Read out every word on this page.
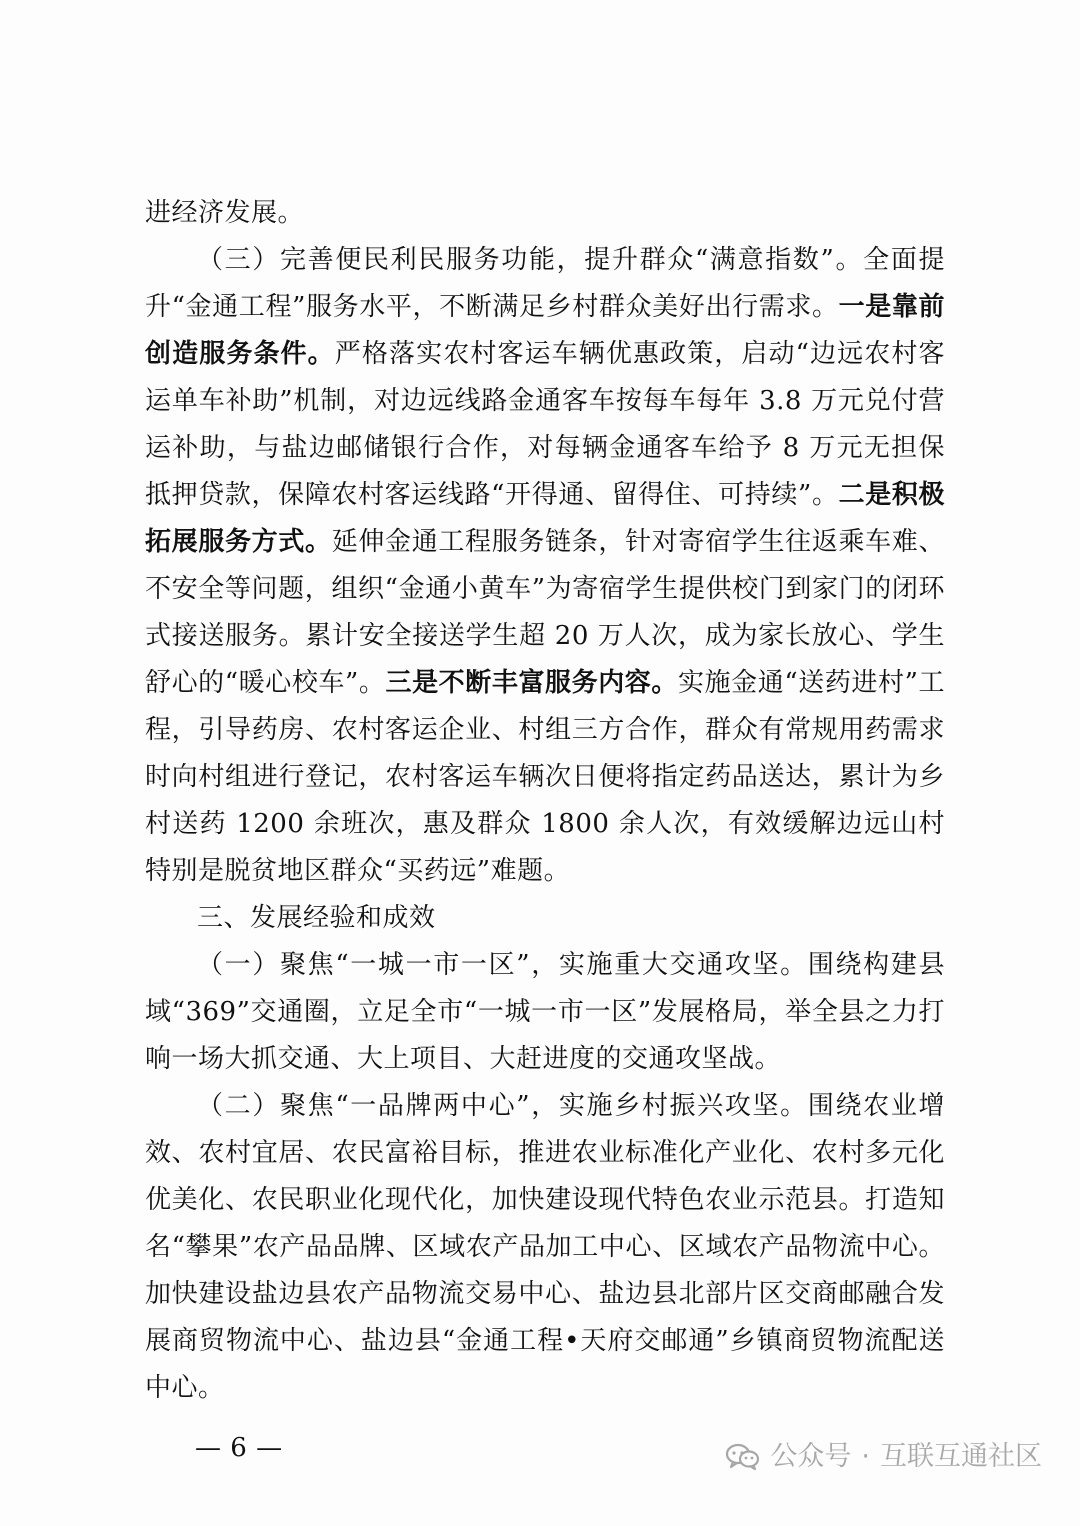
进经济发展。

（三）完善便民利民服务功能，提升群众“满意指数”。全面提升“金通工程”服务水平，不断满足乡村群众美好出行需求。一是靠前创造服务条件。严格落实农村客运车辆优惠政策，启动“边远农村客运单车补助”机制，对边远线路金通客车按每车每年 3.8 万元兑付营运补助，与盐边邮储银行合作，对每辆金通客车给予 8 万元无担保抵押贷款，保障农村客运线路“开得通、留得住、可持续”。二是积极拓展服务方式。延伸金通工程服务链条，针对寄宿学生往返乘车难、不安全等问题，组织“金通小黄车”为寄宿学生提供校门到家门的闭环式接送服务。累计安全接送学生超 20 万人次，成为家长放心、学生舒心的“暖心校车”。三是不断丰富服务内容。实施金通“送药进村”工程，引导药房、农村客运企业、村组三方合作，群众有常规用药需求时向村组进行登记，农村客运车辆次日便将指定药品送达，累计为乡村送药 1200 余班次，惠及群众 1800 余人次，有效缓解边远山村特别是脱贫地区群众“买药远”难题。

三、发展经验和成效

（一）聚焦“一城一市一区”，实施重大交通攻坚。围绕构建县域“369”交通圈，立足全市“一城一市一区”发展格局，举全县之力打响一场大抓交通、大上项目、大赶进度的交通攻坚战。

（二）聚焦“一品牌两中心”，实施乡村振兴攻坚。围绕农业增效、农村宜居、农民富裕目标，推进农业标准化产业化、农村多元化优美化、农民职业化现代化，加快建设现代特色农业示范县。打造知名“攀果”农产品品牌、区域农产品加工中心、区域农产品物流中心。加快建设盐边县农产品物流交易中心、盐边县北部片区交商邮融合发展商贸物流中心、盐边县“金通工程•天府交邮通”乡镇商贸物流配送中心。

— 6 —	公众号 · 互联互通社区
